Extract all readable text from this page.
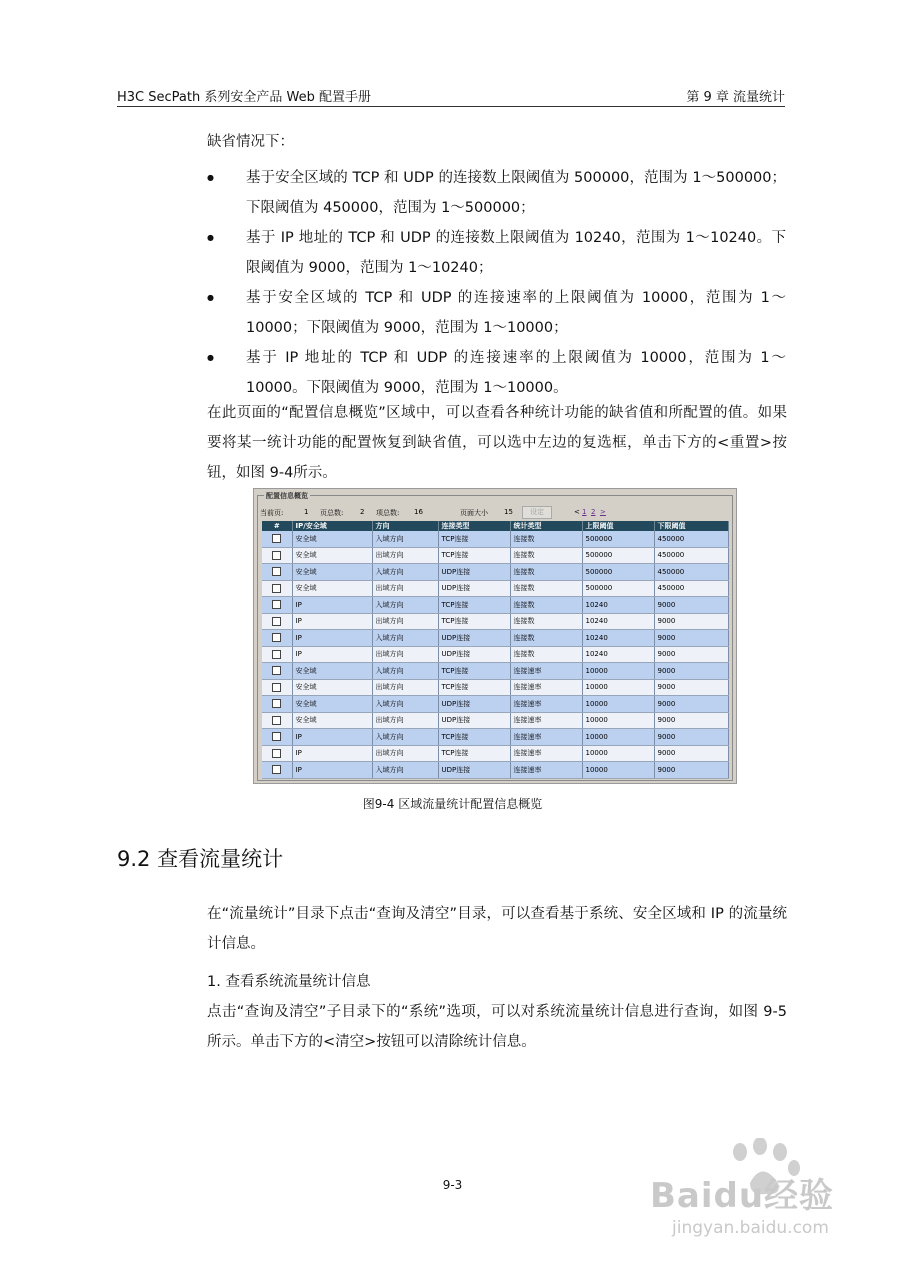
H3C SecPath 系列安全产品 Web 配置手册	第 9 章 流量统计
缺省情况下：
● 基于安全区域的 TCP 和 UDP 的连接数上限阈值为 500000，范围为 1～500000；下限阈值为 450000，范围为 1～500000；
● 基于 IP 地址的 TCP 和 UDP 的连接数上限阈值为 10240，范围为 1～10240。下限阈值为 9000，范围为 1～10240；
● 基于安全区域的 TCP 和 UDP 的连接速率的上限阈值为 10000，范围为 1～10000；下限阈值为 9000，范围为 1～10000；
● 基于 IP 地址的 TCP 和 UDP 的连接速率的上限阈值为 10000，范围为 1～10000。下限阈值为 9000，范围为 1～10000。
在此页面的“配置信息概览”区域中，可以查看各种统计功能的缺省值和所配置的值。如果要将某一统计功能的配置恢复到缺省值，可以选中左边的复选框，单击下方的<重置>按钮，如图 9-4所示。
配置信息概览
当前页:	1 页总数: 2 项总数: 16	页面大小 15	设定	< 1 2 >
#	IP/安全域	方向	连接类型	统计类型	上限阈值	下限阈值
	安全域	入域方向	TCP连接	连接数	500000	450000
	安全域	出域方向	TCP连接	连接数	500000	450000
	安全域	入域方向	UDP连接	连接数	500000	450000
	安全域	出域方向	UDP连接	连接数	500000	450000
	IP	入域方向	TCP连接	连接数	10240	9000
	IP	出域方向	TCP连接	连接数	10240	9000
	IP	入域方向	UDP连接	连接数	10240	9000
	IP	出域方向	UDP连接	连接数	10240	9000
	安全域	入域方向	TCP连接	连接速率	10000	9000
	安全域	出域方向	TCP连接	连接速率	10000	9000
	安全域	入域方向	UDP连接	连接速率	10000	9000
	安全域	出域方向	UDP连接	连接速率	10000	9000
	IP	入域方向	TCP连接	连接速率	10000	9000
	IP	出域方向	TCP连接	连接速率	10000	9000
	IP	入域方向	UDP连接	连接速率	10000	9000
图9-4 区域流量统计配置信息概览
9.2 查看流量统计
在“流量统计”目录下点击“查询及清空”目录，可以查看基于系统、安全区域和 IP 的流量统计信息。
1. 查看系统流量统计信息
点击“查询及清空”子目录下的“系统”选项，可以对系统流量统计信息进行查询，如图 9-5所示。单击下方的<清空>按钮可以清除统计信息。
9-3	Baidu经验
jingyan.baidu.com
